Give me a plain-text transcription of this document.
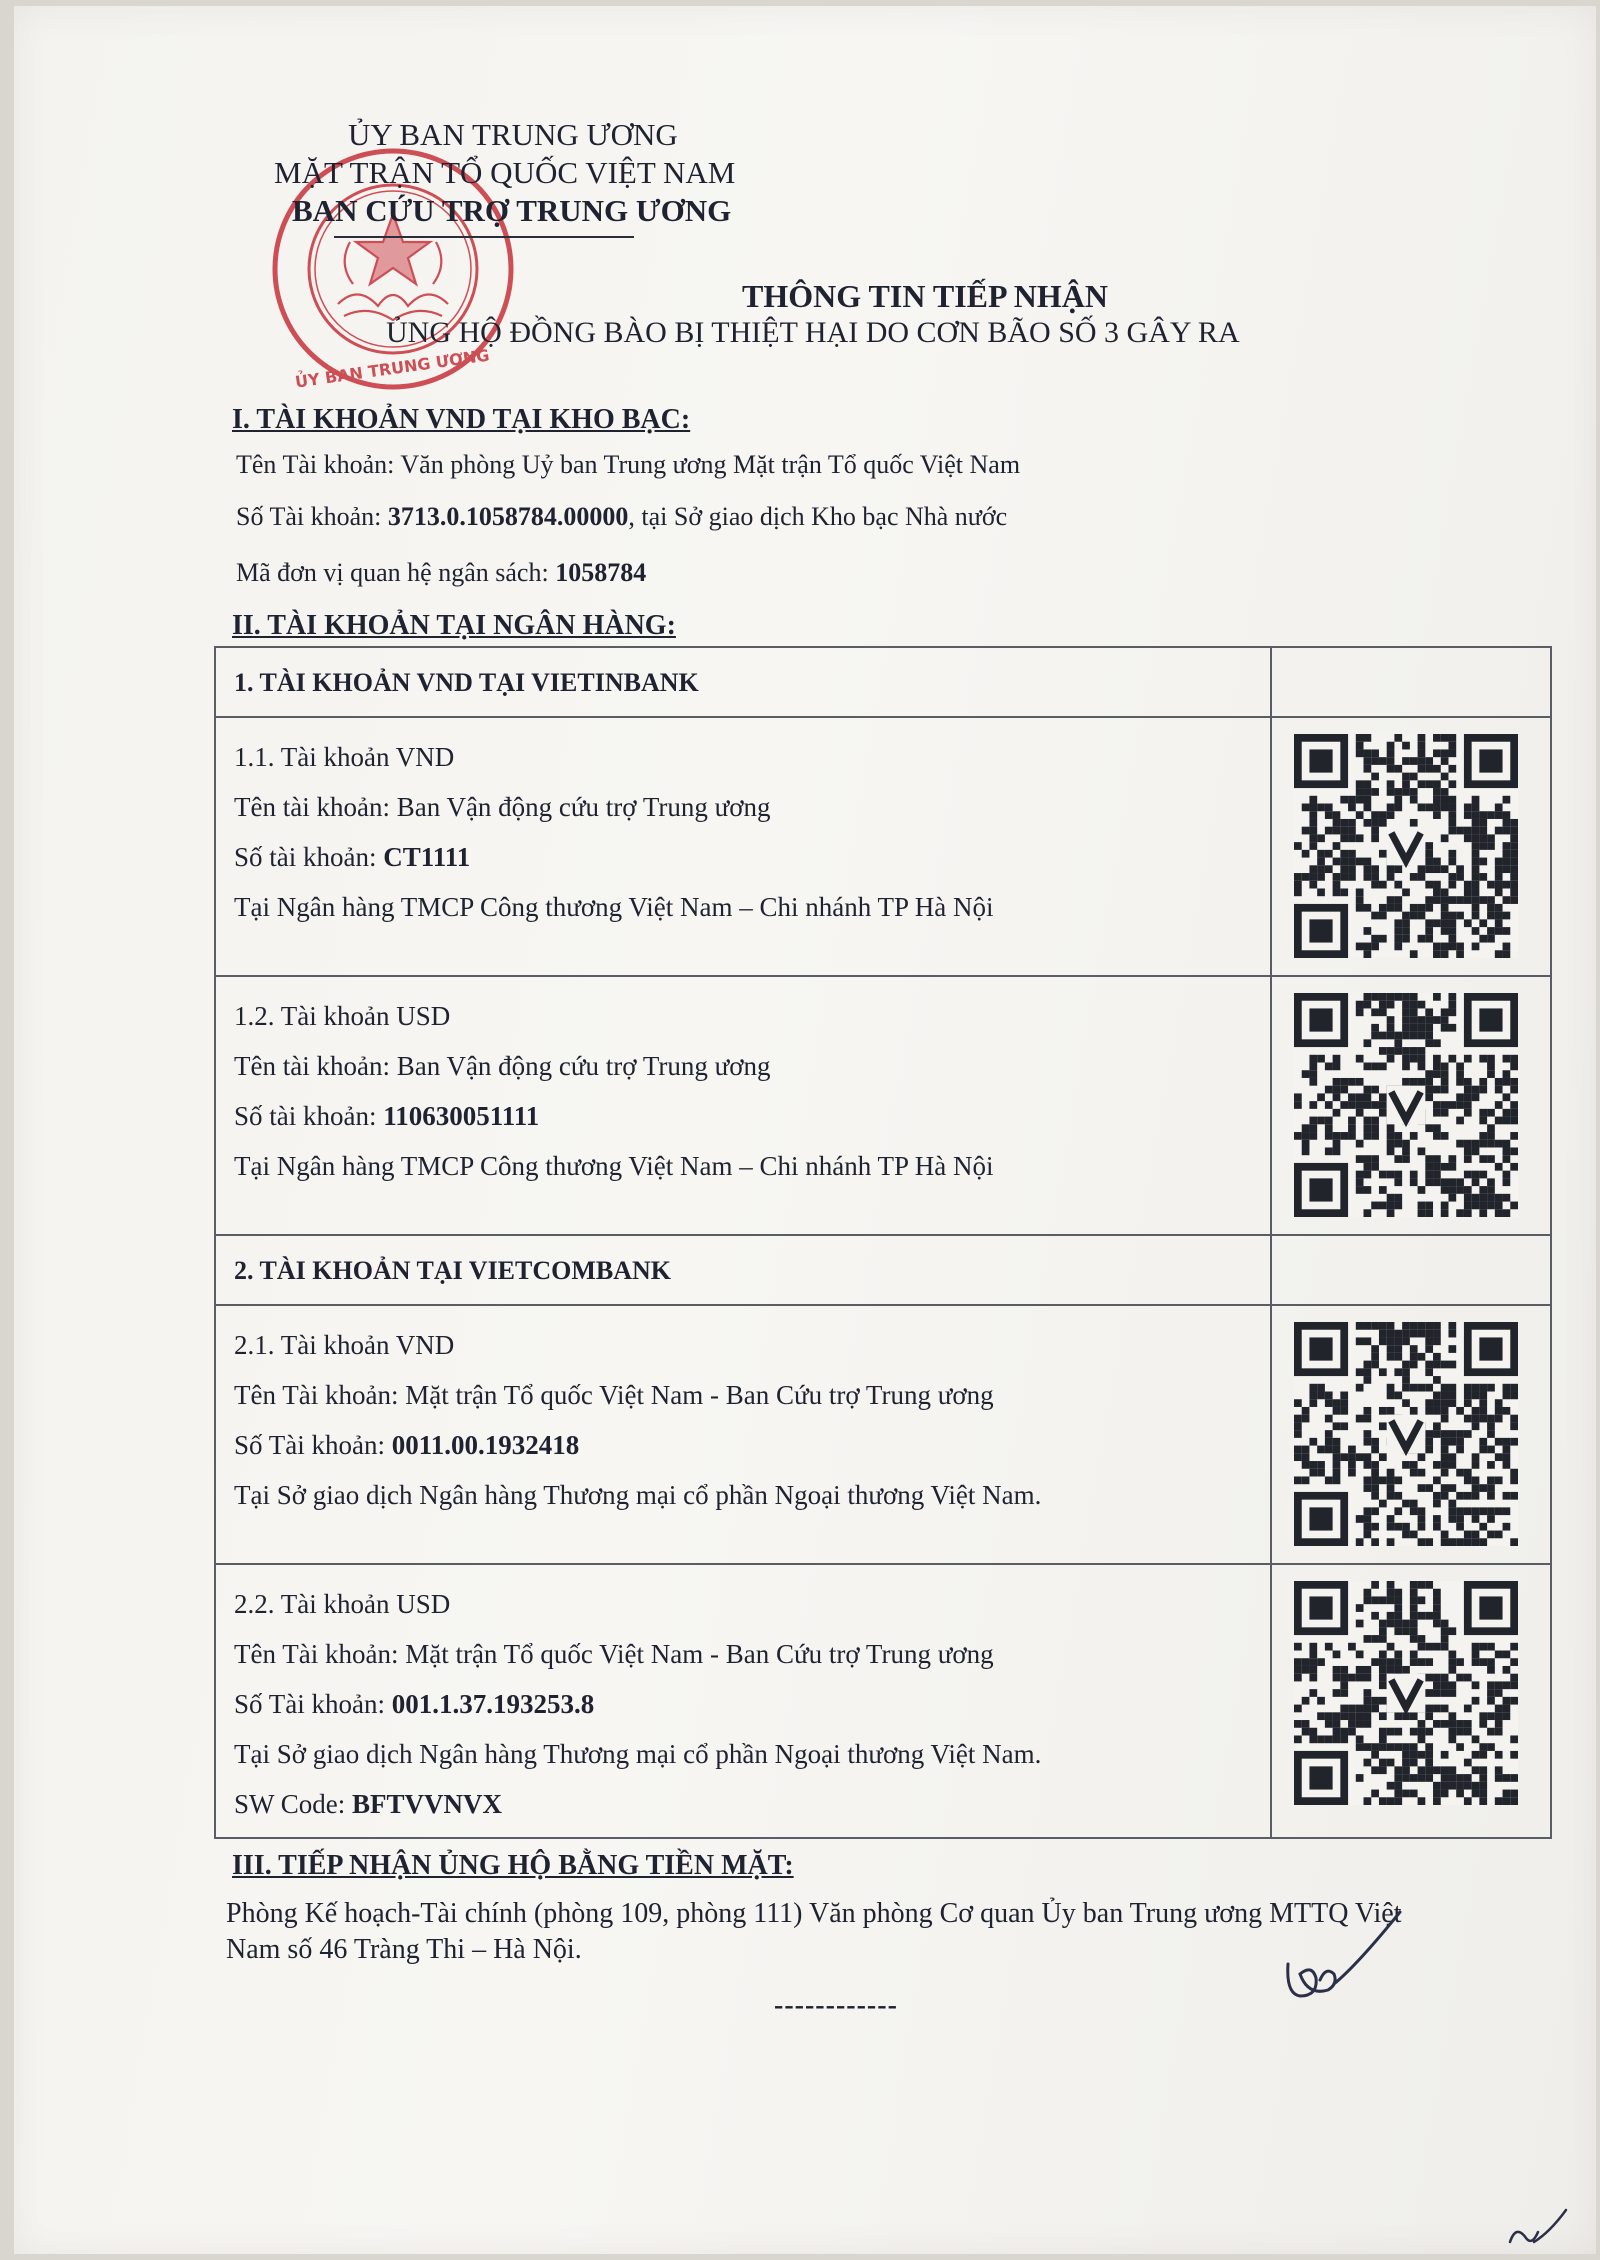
ỦY BAN TRUNG ƯƠNG
ỦY BAN TRUNG ƯƠNG
MẶT TRẬN TỔ QUỐC VIỆT NAM
BAN CỨU TRỢ TRUNG ƯƠNG
THÔNG TIN TIẾP NHẬN
ỦNG HỘ ĐỒNG BÀO BỊ THIỆT HẠI DO CƠN BÃO SỐ 3 GÂY RA
I. TÀI KHOẢN VND TẠI KHO BẠC:
Tên Tài khoản: Văn phòng Uỷ ban Trung ương Mặt trận Tổ quốc Việt Nam
Số Tài khoản: 3713.0.1058784.00000, tại Sở giao dịch Kho bạc Nhà nước
Mã đơn vị quan hệ ngân sách: 1058784
II. TÀI KHOẢN TẠI NGÂN HÀNG:
1. TÀI KHOẢN VND TẠI VIETINBANK	

1.1. Tài khoản VND
Tên tài khoản: Ban Vận động cứu trợ Trung ương
Số tài khoản: CT1111
Tại Ngân hàng TMCP Công thương Việt Nam – Chi nhánh TP Hà Nội

1.2. Tài khoản USD
Tên tài khoản: Ban Vận động cứu trợ Trung ương
Số tài khoản: 110630051111
Tại Ngân hàng TMCP Công thương Việt Nam – Chi nhánh TP Hà Nội

2. TÀI KHOẢN TẠI VIETCOMBANK	

2.1. Tài khoản VND
Tên Tài khoản: Mặt trận Tổ quốc Việt Nam - Ban Cứu trợ Trung ương
Số Tài khoản: 0011.00.1932418
Tại Sở giao dịch Ngân hàng Thương mại cổ phần Ngoại thương Việt Nam.

2.2. Tài khoản USD
Tên Tài khoản: Mặt trận Tổ quốc Việt Nam - Ban Cứu trợ Trung ương
Số Tài khoản: 001.1.37.193253.8
Tại Sở giao dịch Ngân hàng Thương mại cổ phần Ngoại thương Việt Nam.
SW Code: BFTVVNVX

III. TIẾP NHẬN ỦNG HỘ BẰNG TIỀN MẶT:
Phòng Kế hoạch-Tài chính (phòng 109, phòng 111) Văn phòng Cơ quan Ủy ban Trung ương MTTQ Việt Nam số 46 Tràng Thi – Hà Nội.
------------
